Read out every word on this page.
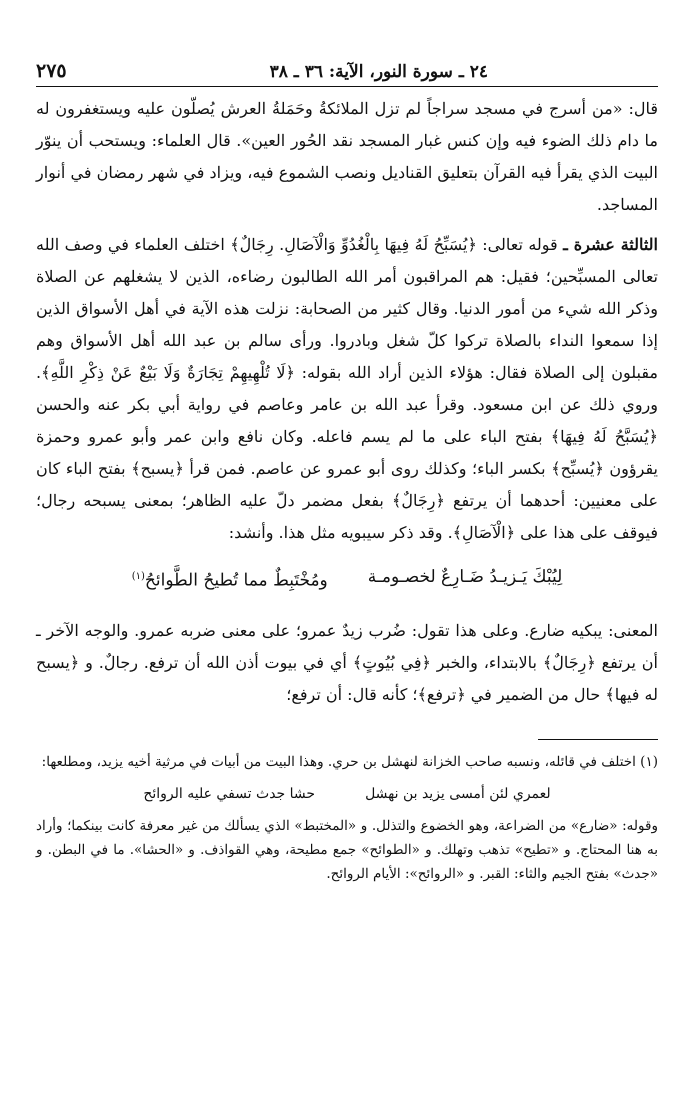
٢٤ ـ سورة النور، الآية: ٣٦ ـ ٣٨
٢٧٥

قال: «من أسرج في مسجد سراجاً لم تزل الملائكةُ وحَمَلةُ العرش يُصلّون عليه ويستغفرون له ما دام ذلك الضوء فيه وإن كنس غبار المسجد نقد الحُور العين». قال العلماء: ويستحب أن ينوّر البيت الذي يقرأ فيه القرآن بتعليق القناديل ونصب الشموع فيه، ويزاد في شهر رمضان في أنوار المساجد.

الثالثة عشرة ـ قوله تعالى: ﴿يُسَبِّحُ لَهُ فِيهَا بِالْغُدُوِّ وَالْآصَالِ. رِجَالٌ﴾ اختلف العلماء في وصف الله تعالى المسبِّحين؛ فقيل: هم المراقبون أمر الله الطالبون رضاءه، الذين لا يشغلهم عن الصلاة وذكر الله شيء من أمور الدنيا. وقال كثير من الصحابة: نزلت هذه الآية في أهل الأسواق الذين إذا سمعوا النداء بالصلاة تركوا كلّ شغل وبادروا. ورأى سالم بن عبد الله أهل الأسواق وهم مقبلون إلى الصلاة فقال: هؤلاء الذين أراد الله بقوله: ﴿لَا تُلْهِيهِمْ تِجَارَةٌ وَلَا بَيْعٌ عَنْ ذِكْرِ اللَّهِ﴾. وروي ذلك عن ابن مسعود. وقرأ عبد الله بن عامر وعاصم في رواية أبي بكر عنه والحسن ﴿يُسَبَّحُ لَهُ فِيهَا﴾ بفتح الباء على ما لم يسم فاعله. وكان نافع وابن عمر وأبو عمرو وحمزة يقرؤون ﴿يُسبِّح﴾ بكسر الباء؛ وكذلك روى أبو عمرو عن عاصم. فمن قرأ ﴿يسبح﴾ بفتح الباء كان على معنيين: أحدهما أن يرتفع ﴿رِجَالٌ﴾ بفعل مضمر دلّ عليه الظاهر؛ بمعنى يسبحه رجال؛ فيوقف على هذا على ﴿الْآصَالِ﴾. وقد ذكر سيبويه مثل هذا. وأنشد:

لِيُبْكَ يَـزيـدُ ضَـارِعٌ لخصـومـة
ومُخْتَبِطٌ مما تُطيحُ الطَّوائحُ$^{(١)}$

المعنى: يبكيه ضارع. وعلى هذا تقول: ضُرب زيدٌ عمرو؛ على معنى ضربه عمرو. والوجه الآخر ـ أن يرتفع ﴿رِجَالٌ﴾ بالابتداء، والخبر ﴿فِي بُيُوتٍ﴾ أي في بيوت أذن الله أن ترفع. رجالٌ. و ﴿يسبح له فيها﴾ حال من الضمير في ﴿ترفع﴾؛ كأنه قال: أن ترفع؛

(١) اختلف في قائله، ونسبه صاحب الخزانة لنهشل بن حري. وهذا البيت من أبيات في مرثية أخيه يزيد، ومطلعها:

لعمري لئن أمسى يزيد بن نهشل
حشا جدث تسفي عليه الروائح

وقوله: «ضارع» من الضراعة، وهو الخضوع والتذلل. و «المختبط» الذي يسألك من غير معرفة كانت بينكما؛ وأراد به هنا المحتاج. و «تطيح» تذهب وتهلك. و «الطوائح» جمع مطيحة، وهي القواذف. و «الحشا». ما في البطن. و «جدث» بفتح الجيم والثاء: القبر. و «الروائح»: الأيام الروائح.
